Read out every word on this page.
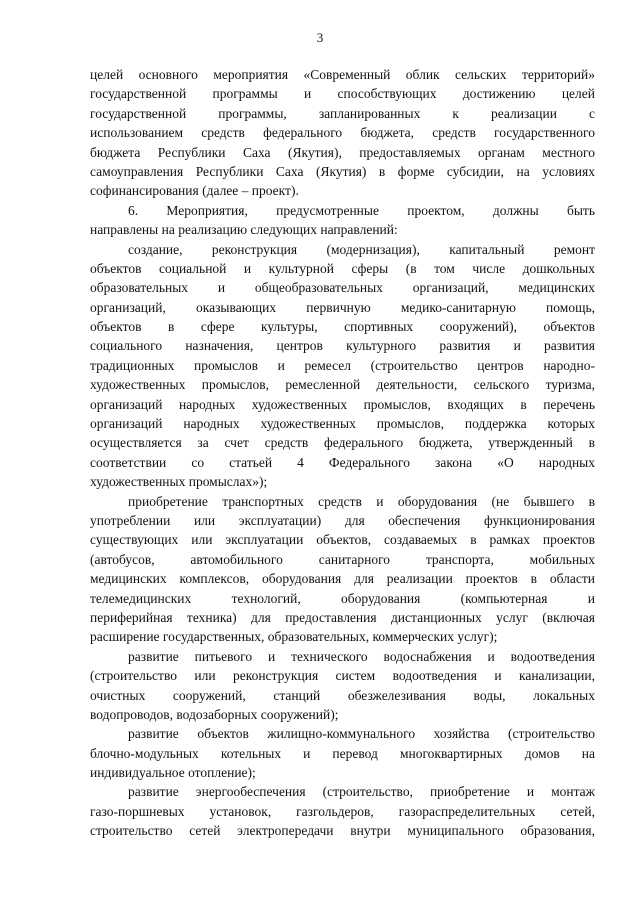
3
целей основного мероприятия «Современный облик сельских территорий»
государственной программы и способствующих достижению целей
государственной программы, запланированных к реализации с
использованием средств федерального бюджета, средств государственного
бюджета Республики Саха (Якутия), предоставляемых органам местного
самоуправления Республики Саха (Якутия) в форме субсидии, на условиях
софинансирования (далее – проект).
6. Мероприятия, предусмотренные проектом, должны быть
направлены на реализацию следующих направлений:
создание, реконструкция (модернизация), капитальный ремонт
объектов социальной и культурной сферы (в том числе дошкольных
образовательных и общеобразовательных организаций, медицинских
организаций, оказывающих первичную медико-санитарную помощь,
объектов в сфере культуры, спортивных сооружений), объектов
социального назначения, центров культурного развития и развития
традиционных промыслов и ремесел (строительство центров народно-
художественных промыслов, ремесленной деятельности, сельского туризма,
организаций народных художественных промыслов, входящих в перечень
организаций народных художественных промыслов, поддержка которых
осуществляется за счет средств федерального бюджета, утвержденный в
соответствии со статьей 4 Федерального закона «О народных
художественных промыслах»);
приобретение транспортных средств и оборудования (не бывшего в
употреблении или эксплуатации) для обеспечения функционирования
существующих или эксплуатации объектов, создаваемых в рамках проектов
(автобусов, автомобильного санитарного транспорта, мобильных
медицинских комплексов, оборудования для реализации проектов в области
телемедицинских технологий, оборудования (компьютерная и
периферийная техника) для предоставления дистанционных услуг (включая
расширение государственных, образовательных, коммерческих услуг);
развитие питьевого и технического водоснабжения и водоотведения
(строительство или реконструкция систем водоотведения и канализации,
очистных сооружений, станций обезжелезивания воды, локальных
водопроводов, водозаборных сооружений);
развитие объектов жилищно-коммунального хозяйства (строительство
блочно-модульных котельных и перевод многоквартирных домов на
индивидуальное отопление);
развитие энергообеспечения (строительство, приобретение и монтаж
газо-поршневых установок, газгольдеров, газораспределительных сетей,
строительство сетей электропередачи внутри муниципального образования,
